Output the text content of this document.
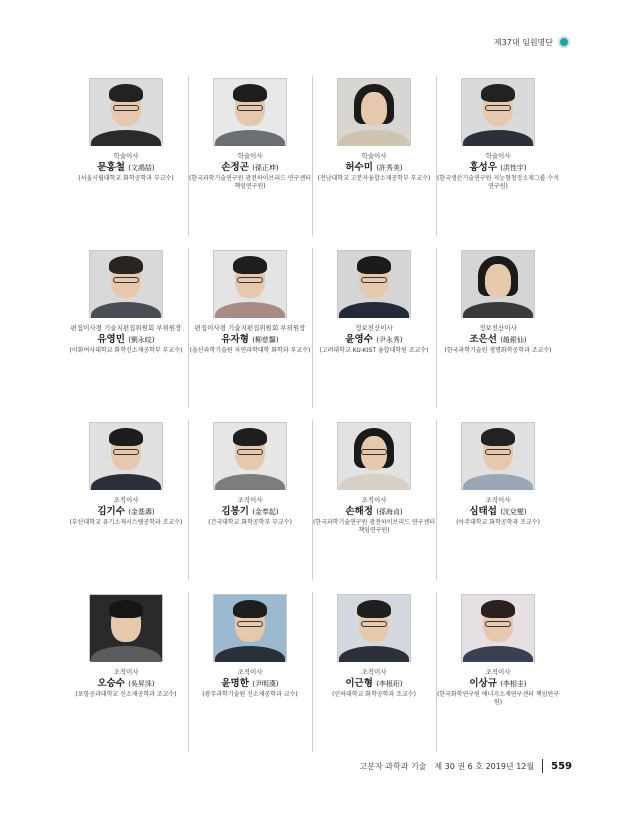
제37대 임원명단
학술이사
문홍철 (文鴻喆)
(서울시립대학교 화학공학과 부교수)
학술이사
손정곤 (孫正坤)
(한국과학기술연구원 광전하이브리드 연구센터 책임연구원)
학술이사
허수미 (許秀美)
(전남대학교 고분자융합소재공학부 부교수)
학술이사
홍성우 (洪性宇)
(한국생산기술연구원 지능형청정소재그룹 수석연구원)
편집이사겸 기술지편집위원회 부위원장
유영민 (劉永旼)
(이화여자대학교 화학신소재공학부 부교수)
편집이사겸 기술지편집위원회 부위원장
유자형 (柳慈馨)
(울산과학기술원 자연과학대학 화학과 부교수)
정보전산이사
윤영수 (尹永秀)
(고려대학교 KU-KIST 융합대학원 조교수)
정보전산이사
조은선 (趙銀仙)
(한국과학기술원 생명화학공학과 조교수)
조직이사
김기수 (金基壽)
(부산대학교 유기소재시스템공학과 조교수)
조직이사
김봉기 (金奉起)
(건국대학교 화학공학부 부교수)
조직이사
손해정 (孫海貞)
(한국과학기술연구원 광전하이브리드 연구센터 책임연구원)
조직이사
심태섭 (沈兌燮)
(아주대학교 화학공학과 조교수)
조직이사
오승수 (吳昇洙)
(포항공과대학교 신소재공학과 조교수)
조직이사
윤명한 (尹明漢)
(광주과학기술원 신소재공학과 교수)
조직이사
이근형 (李根珩)
(인하대학교 화학공학과 조교수)
조직이사
이상규 (李相圭)
(한국화학연구원 에너지소재연구센터 책임연구원)
고분자 과학과 기술 제 30 권 6 호 2019년 12월 559
